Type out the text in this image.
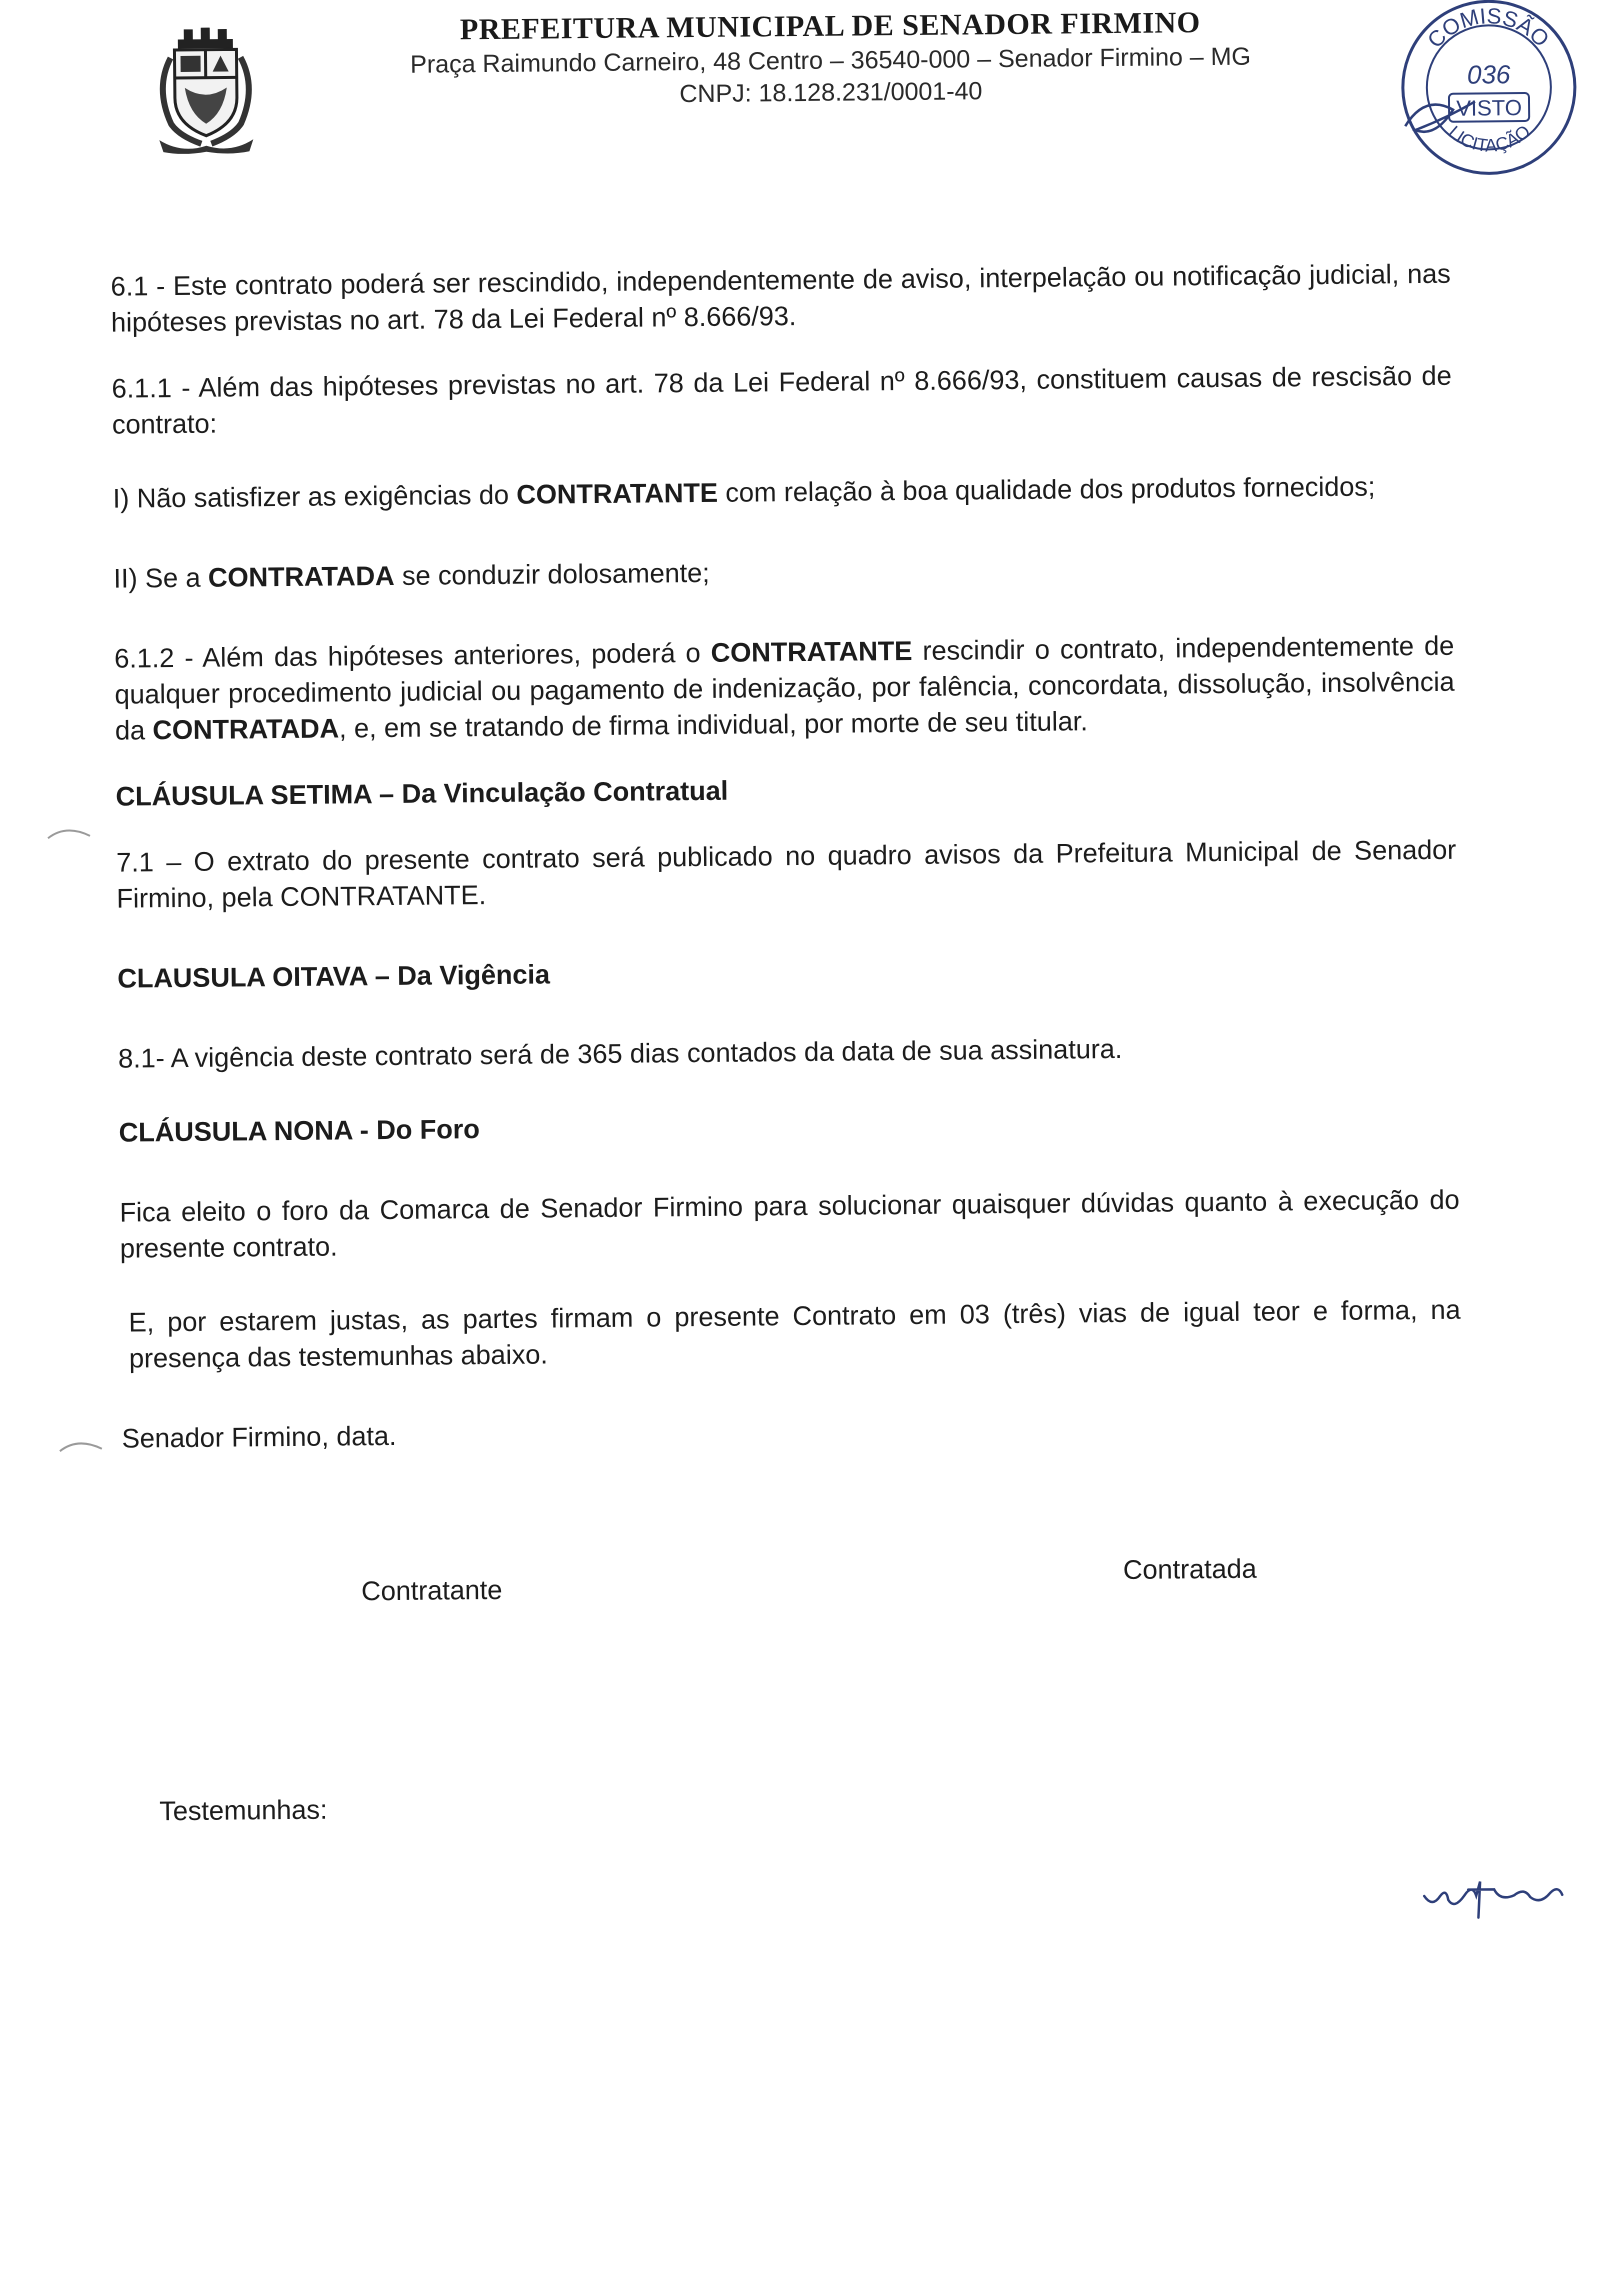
PREFEITURA MUNICIPAL DE SENADOR FIRMINO

Praça Raimundo Carneiro, 48 Centro – 36540-000 – Senador Firmino – MG

CNPJ: 18.128.231/0001-40

COMISSÃO
LICITAÇÃO
036
VISTO

6.1 - Este contrato poderá ser rescindido, independentemente de aviso, interpelação ou notificação judicial, nas hipóteses previstas no art. 78 da Lei Federal nº 8.666/93.

6.1.1 - Além das hipóteses previstas no art. 78 da Lei Federal nº 8.666/93, constituem causas de rescisão de contrato:

I) Não satisfizer as exigências do CONTRATANTE com relação à boa qualidade dos produtos fornecidos;

II) Se a CONTRATADA se conduzir dolosamente;

6.1.2 - Além das hipóteses anteriores, poderá o CONTRATANTE rescindir o contrato, independentemente de qualquer procedimento judicial ou pagamento de indenização, por falência, concordata, dissolução, insolvência da CONTRATADA, e, em se tratando de firma individual, por morte de seu titular.

CLÁUSULA SETIMA – Da Vinculação Contratual

7.1 – O extrato do presente contrato será publicado no quadro avisos da Prefeitura Municipal de Senador Firmino, pela CONTRATANTE.

CLAUSULA OITAVA – Da Vigência

8.1- A vigência deste contrato será de 365 dias contados da data de sua assinatura.

CLÁUSULA NONA - Do Foro

Fica eleito o foro da Comarca de Senador Firmino para solucionar quaisquer dúvidas quanto à execução do presente contrato.

E, por estarem justas, as partes firmam o presente Contrato em 03 (três) vias de igual teor e forma, na presença das testemunhas abaixo.

Senador Firmino, data.

Contratante
Contratada
Testemunhas:
